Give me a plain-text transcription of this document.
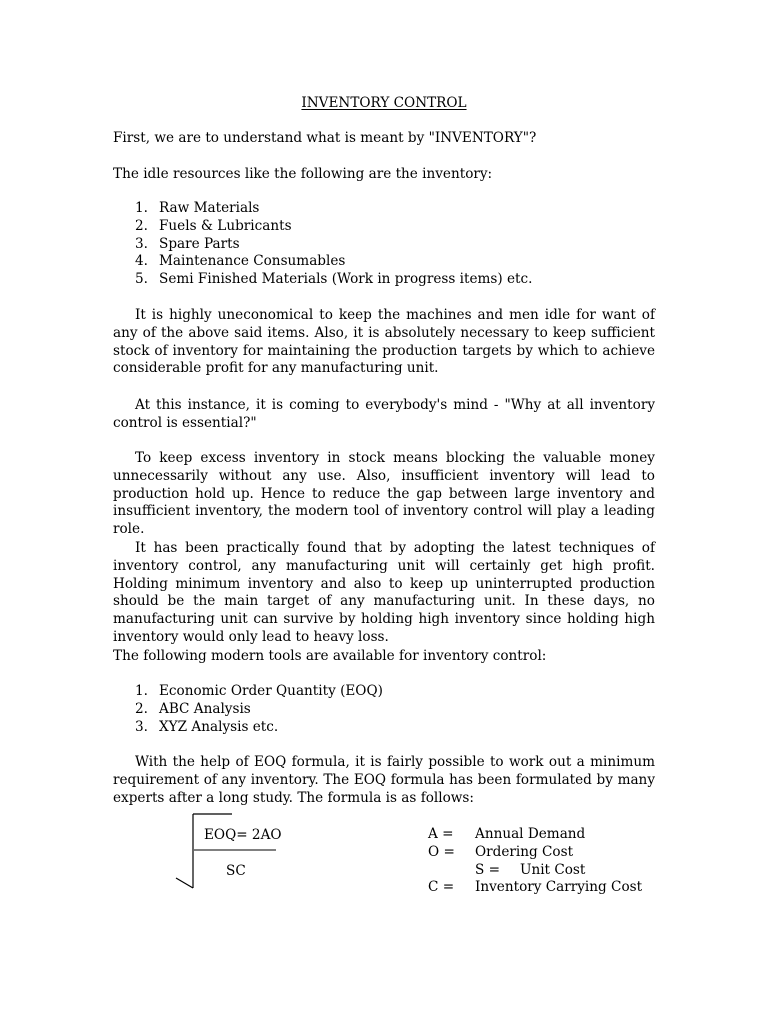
INVENTORY CONTROL
First, we are to understand what is meant by "INVENTORY"?
The idle resources like the following are the inventory:
1. Raw Materials
2. Fuels & Lubricants
3. Spare Parts
4. Maintenance Consumables
5. Semi Finished Materials (Work in progress items) etc.

It is highly uneconomical to keep the machines and men idle for want of any of the above said items. Also, it is absolutely necessary to keep sufficient stock of inventory for maintaining the production targets by which to achieve considerable profit for any manufacturing unit.

At this instance, it is coming to everybody's mind - "Why at all inventory control is essential?"

To keep excess inventory in stock means blocking the valuable money unnecessarily without any use. Also, insufficient inventory will lead to production hold up. Hence to reduce the gap between large inventory and insufficient inventory, the modern tool of inventory control will play a leading role.

It has been practically found that by adopting the latest techniques of inventory control, any manufacturing unit will certainly get high profit. Holding minimum inventory and also to keep up uninterrupted production should be the main target of any manufacturing unit. In these days, no manufacturing unit can survive by holding high inventory since holding high inventory would only lead to heavy loss.

The following modern tools are available for inventory control:
1. Economic Order Quantity (EOQ)
2. ABC Analysis
3. XYZ Analysis etc.

With the help of EOQ formula, it is fairly possible to work out a minimum requirement of any inventory. The EOQ formula has been formulated by many experts after a long study. The formula is as follows:

EOQ= 2AO
SC
A = Annual Demand
O = Ordering Cost
S = Unit Cost
C = Inventory Carrying Cost
